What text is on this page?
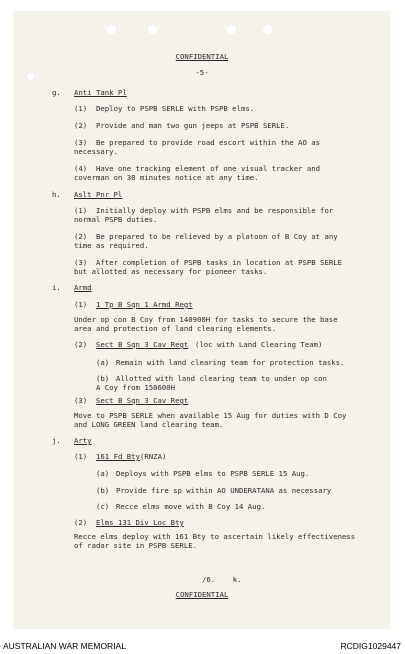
CONFIDENTIAL
-5-
g. Anti Tank Pl
(1) Deploy to PSPB SERLE with PSPB elms.
(2) Provide and man two gun jeeps at PSPB SERLE.
(3) Be prepared to provide road escort within the AO as
necessary.
(4) Have one tracking element of one visual tracker and
coverman on 30 minutes notice at any time.
h. Aslt Pnr Pl
(1) Initially deploy with PSPB elms and be responsible for
normal PSPB duties.
(2) Be prepared to be relieved by a platoon of B Coy at any
time as required.
(3) After completion of PSPB tasks in location at PSPB SERLE
but allotted as necessary for pioneer tasks.
i. Armd
(1) 1 Tp B Sqn 1 Armd Regt
Under op con B Coy from 140900H for tasks to secure the base
area and protection of land clearing elements.
(2) Sect B Sqn 3 Cav Regt (loc with Land Clearing Team)
(a) Remain with land clearing team for protection tasks.
(b) Allotted with land clearing team to under op con
A Coy from 150600H
(3) Sect B Sqn 3 Cav Regt
Move to PSPB SERLE when available 15 Aug for duties with D Coy
and LONG GREEN land clearing team.
j. Arty
(1) 161 Fd Bty (RNZA)
(a) Deploys with PSPB elms to PSPB SERLE 15 Aug.
(b) Provide fire sp within AO UNDERATANA as necessary
(c) Recce elms move with B Coy 14 Aug.
(2) Elms 131 Div Loc Bty
Recce elms deploy with 161 Bty to ascertain likely effectiveness
of radar site in PSPB SERLE.
/6.    k.
CONFIDENTIAL
AUSTRALIAN WAR MEMORIAL	RCDIG1029447
